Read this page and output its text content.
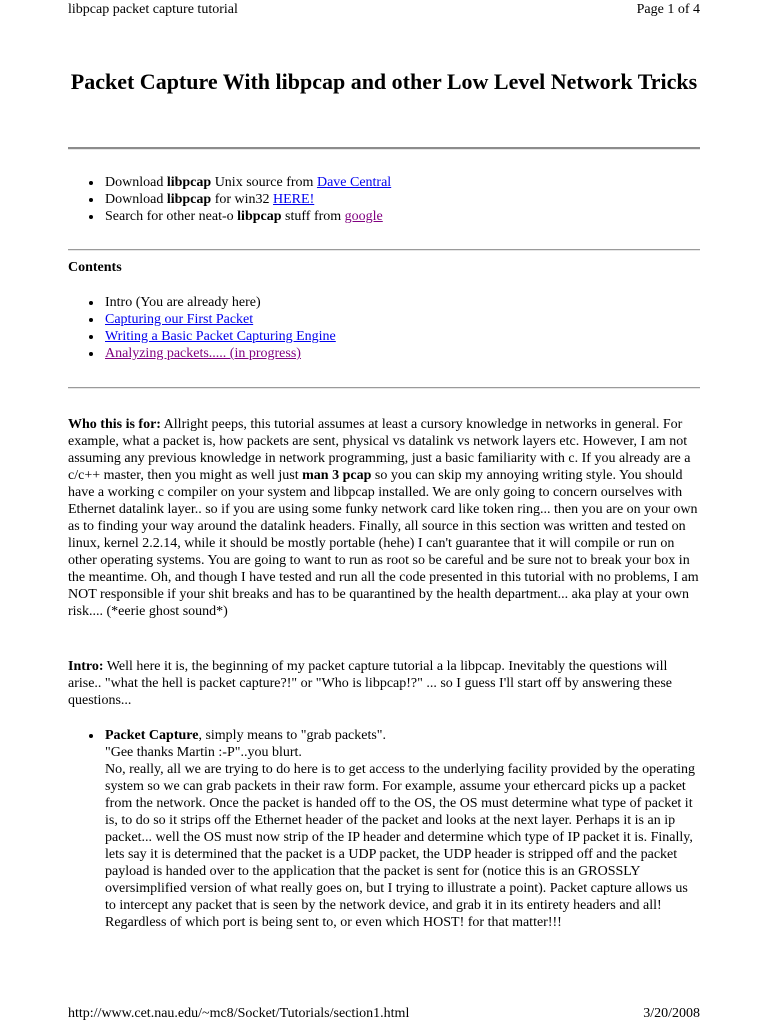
libpcap packet capture tutorial	Page 1 of 4
Packet Capture With libpcap and other Low Level Network Tricks
Download libpcap Unix source from Dave Central
Download libpcap for win32 HERE!
Search for other neat-o libpcap stuff from google

Contents

Intro (You are already here)
Capturing our First Packet
Writing a Basic Packet Capturing Engine
Analyzing packets..... (in progress)

Who this is for: Allright peeps, this tutorial assumes at least a cursory knowledge in networks in general. For example, what a packet is, how packets are sent, physical vs datalink vs network layers etc. However, I am not assuming any previous knowledge in network programming, just a basic familiarity with c. If you already are a c/c++ master, then you might as well just man 3 pcap so you can skip my annoying writing style. You should have a working c compiler on your system and libpcap installed. We are only going to concern ourselves with Ethernet datalink layer.. so if you are using some funky network card like token ring... then you are on your own as to finding your way around the datalink headers. Finally, all source in this section was written and tested on linux, kernel 2.2.14, while it should be mostly portable (hehe) I can't guarantee that it will compile or run on other operating systems. You are going to want to run as root so be careful and be sure not to break your box in the meantime. Oh, and though I have tested and run all the code presented in this tutorial with no problems, I am NOT responsible if your shit breaks and has to be quarantined by the health department... aka play at your own risk.... (*eerie ghost sound*)

Intro: Well here it is, the beginning of my packet capture tutorial a la libpcap. Inevitably the questions will arise.. "what the hell is packet capture?!" or "Who is libpcap!?" ... so I guess I'll start off by answering these questions...

Packet Capture, simply means to "grab packets".
"Gee thanks Martin :-P"..you blurt.
No, really, all we are trying to do here is to get access to the underlying facility provided by the operating system so we can grab packets in their raw form. For example, assume your ethercard picks up a packet from the network. Once the packet is handed off to the OS, the OS must determine what type of packet it is, to do so it strips off the Ethernet header of the packet and looks at the next layer. Perhaps it is an ip packet... well the OS must now strip of the IP header and determine which type of IP packet it is. Finally, lets say it is determined that the packet is a UDP packet, the UDP header is stripped off and the packet payload is handed over to the application that the packet is sent for (notice this is an GROSSLY oversimplified version of what really goes on, but I trying to illustrate a point). Packet capture allows us to intercept any packet that is seen by the network device, and grab it in its entirety headers and all! Regardless of which port is being sent to, or even which HOST! for that matter!!!
http://www.cet.nau.edu/~mc8/Socket/Tutorials/section1.html	3/20/2008
